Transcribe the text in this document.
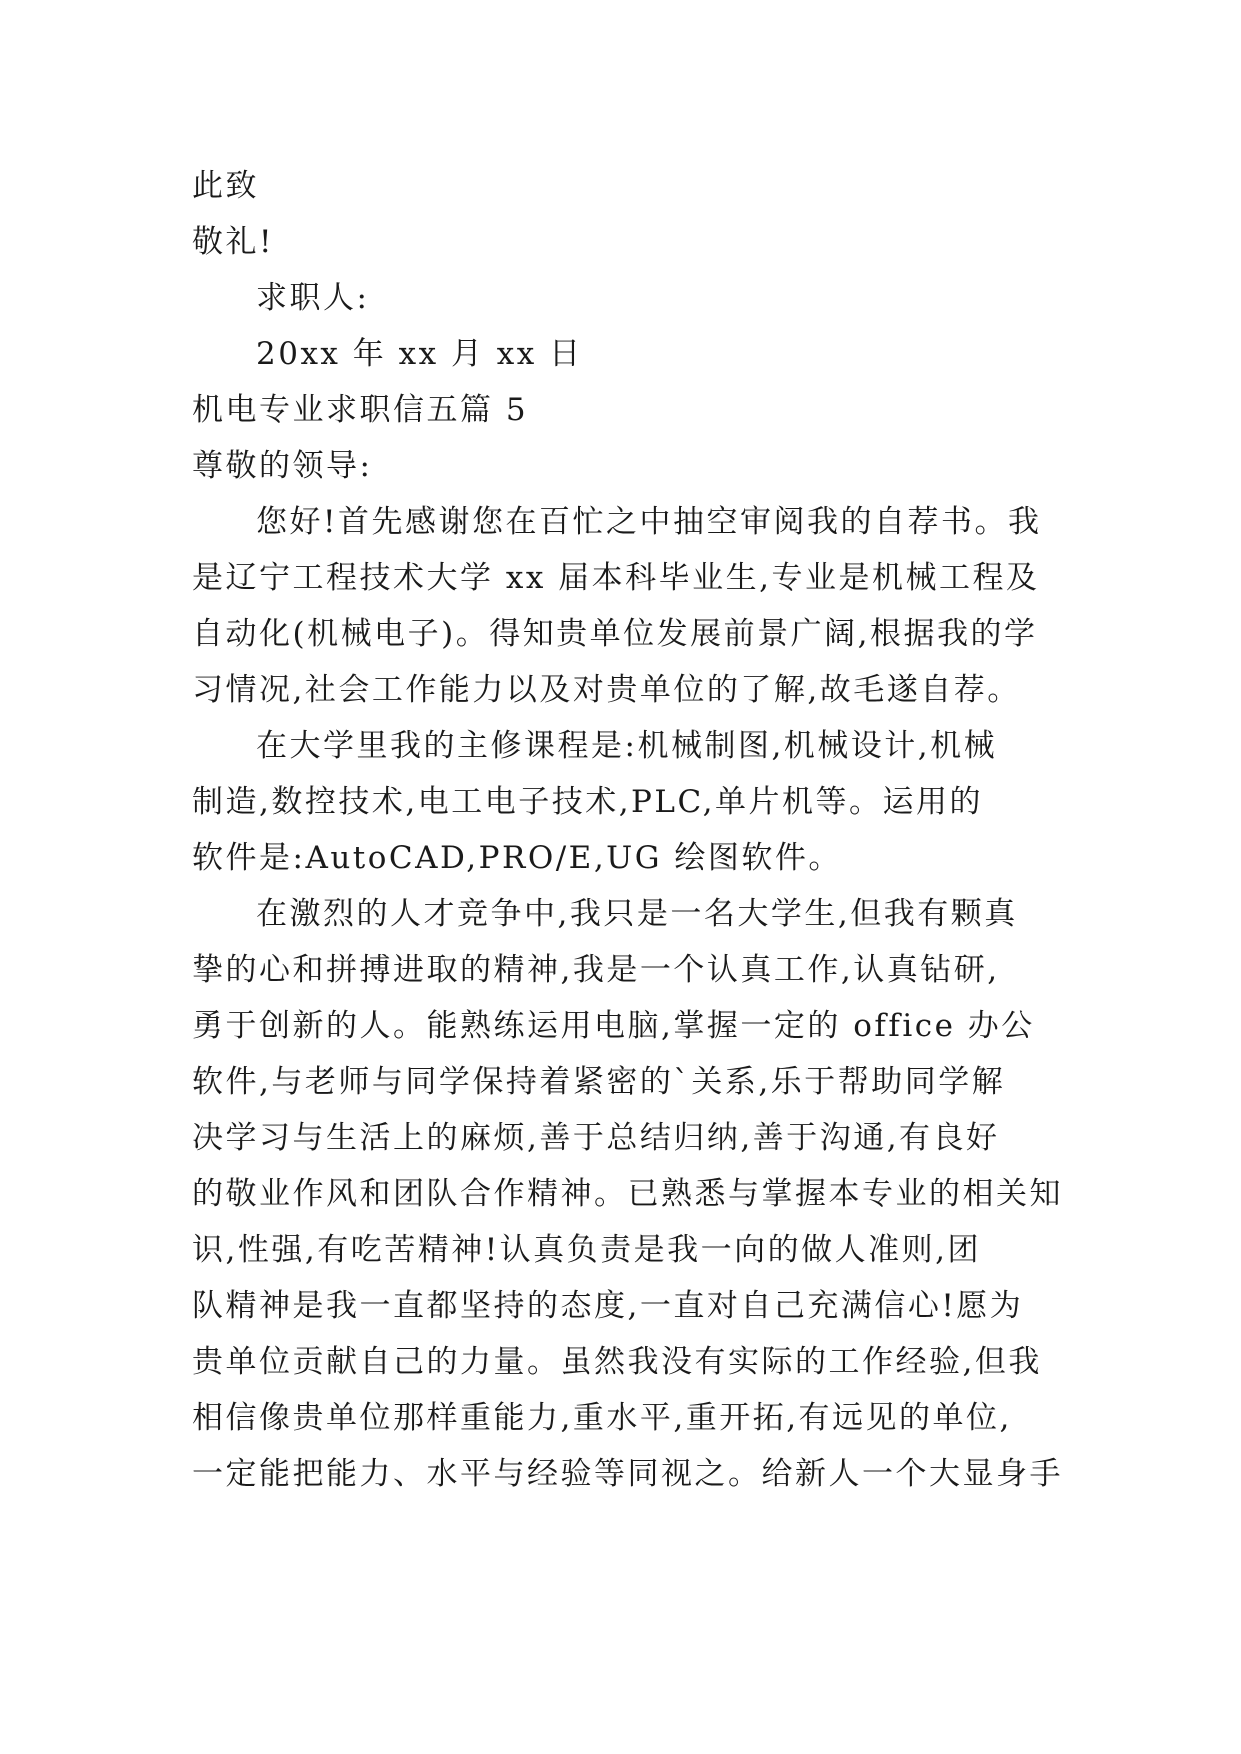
此致
敬礼!
求职人:
20xx 年 xx 月 xx 日
机电专业求职信五篇 5
尊敬的领导:
您好!首先感谢您在百忙之中抽空审阅我的自荐书。我
是辽宁工程技术大学 xx 届本科毕业生,专业是机械工程及
自动化(机械电子)。得知贵单位发展前景广阔,根据我的学
习情况,社会工作能力以及对贵单位的了解,故毛遂自荐。
在大学里我的主修课程是:机械制图,机械设计,机械
制造,数控技术,电工电子技术,PLC,单片机等。运用的
软件是:AutoCAD,PRO/E,UG 绘图软件。
在激烈的人才竞争中,我只是一名大学生,但我有颗真
挚的心和拼搏进取的精神,我是一个认真工作,认真钻研,
勇于创新的人。能熟练运用电脑,掌握一定的 office 办公
软件,与老师与同学保持着紧密的`关系,乐于帮助同学解
决学习与生活上的麻烦,善于总结归纳,善于沟通,有良好
的敬业作风和团队合作精神。已熟悉与掌握本专业的相关知
识,性强,有吃苦精神!认真负责是我一向的做人准则,团
队精神是我一直都坚持的态度,一直对自己充满信心!愿为
贵单位贡献自己的力量。虽然我没有实际的工作经验,但我
相信像贵单位那样重能力,重水平,重开拓,有远见的单位,
一定能把能力、水平与经验等同视之。给新人一个大显身手
